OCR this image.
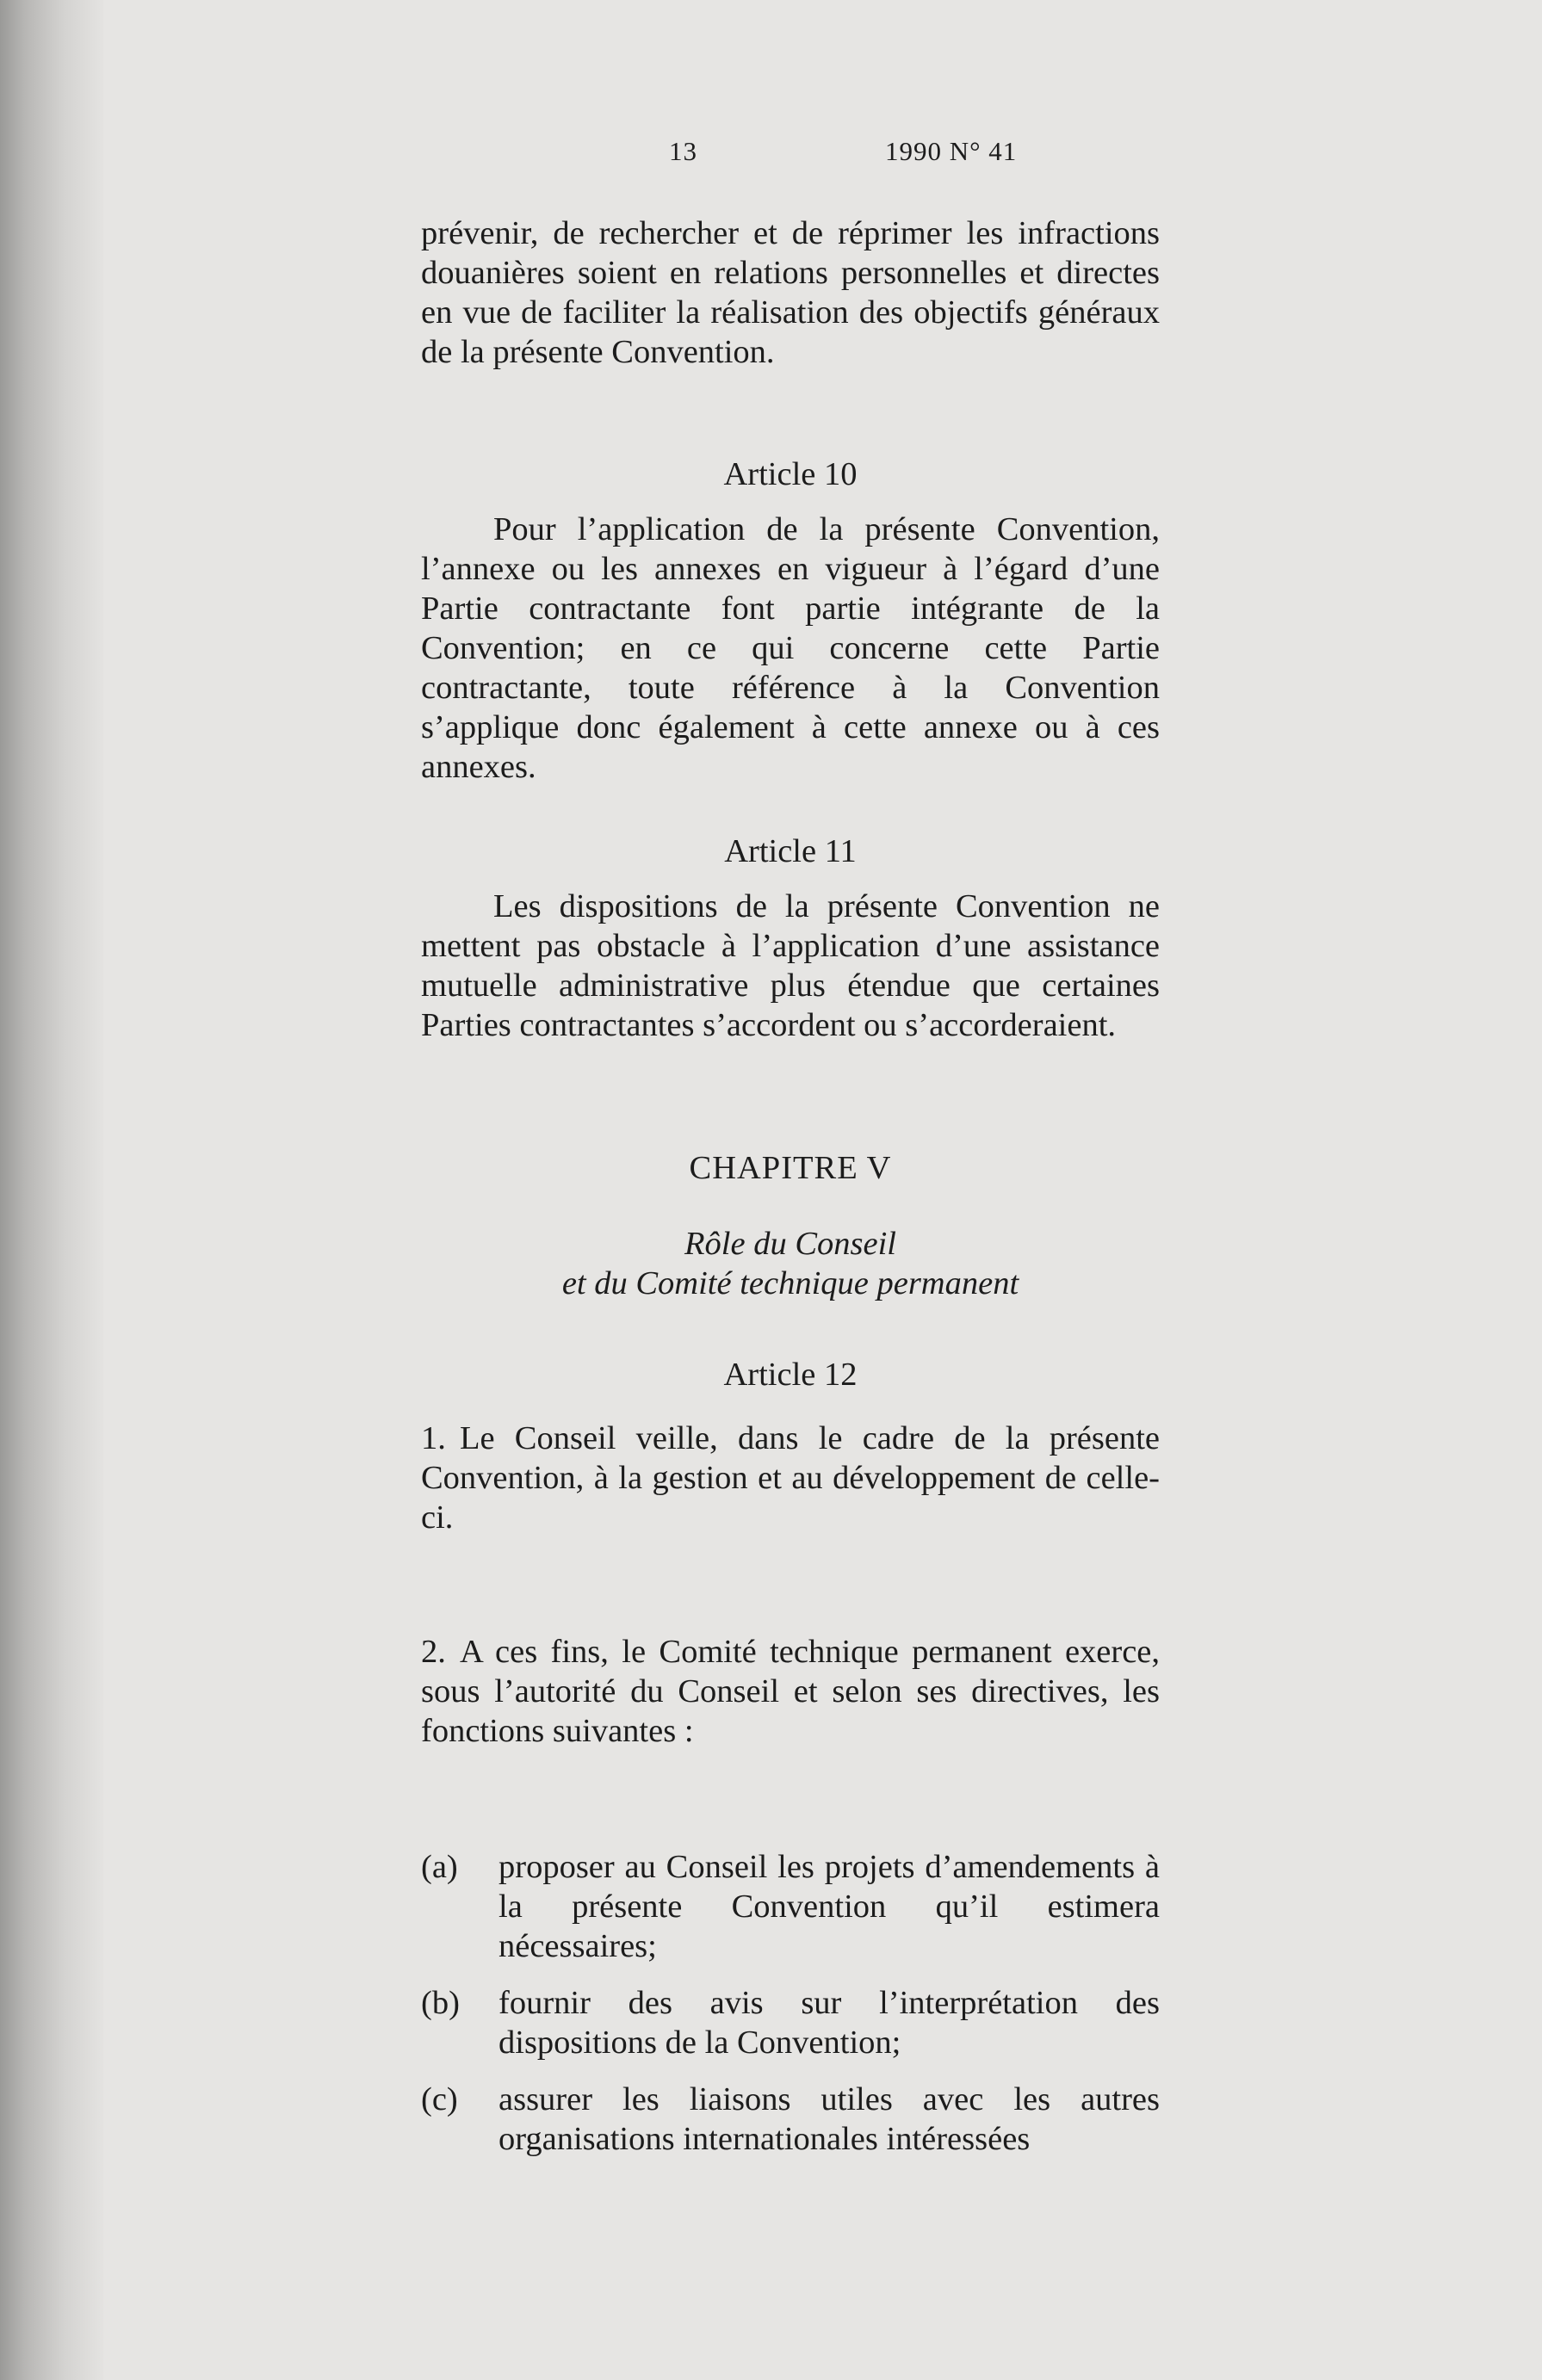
13	1990 N° 41

prévenir, de rechercher et de réprimer les infractions douanières soient en relations personnelles et directes en vue de faciliter la réalisation des objectifs généraux de la présente Convention.

Article 10

Pour l’application de la présente Convention, l’annexe ou les annexes en vigueur à l’égard d’une Partie contractante font partie intégrante de la Convention; en ce qui concerne cette Partie contractante, toute référence à la Convention s’applique donc également à cette annexe ou à ces annexes.

Article 11

Les dispositions de la présente Convention ne mettent pas obstacle à l’application d’une assistance mutuelle administrative plus étendue que certaines Parties contractantes s’accordent ou s’accorderaient.

CHAPITRE V
Rôle du Conseil
et du Comité technique permanent
Article 12

1. Le Conseil veille, dans le cadre de la présente Convention, à la gestion et au développement de celle-ci.

2. A ces fins, le Comité technique permanent exerce, sous l’autorité du Conseil et selon ses directives, les fonctions suivantes :

(a)	proposer au Conseil les projets d’amendements à la présente Convention qu’il estimera nécessaires;
(b)	fournir des avis sur l’interprétation des dispositions de la Convention;
(c)	assurer les liaisons utiles avec les autres organisations internationales intéressées
